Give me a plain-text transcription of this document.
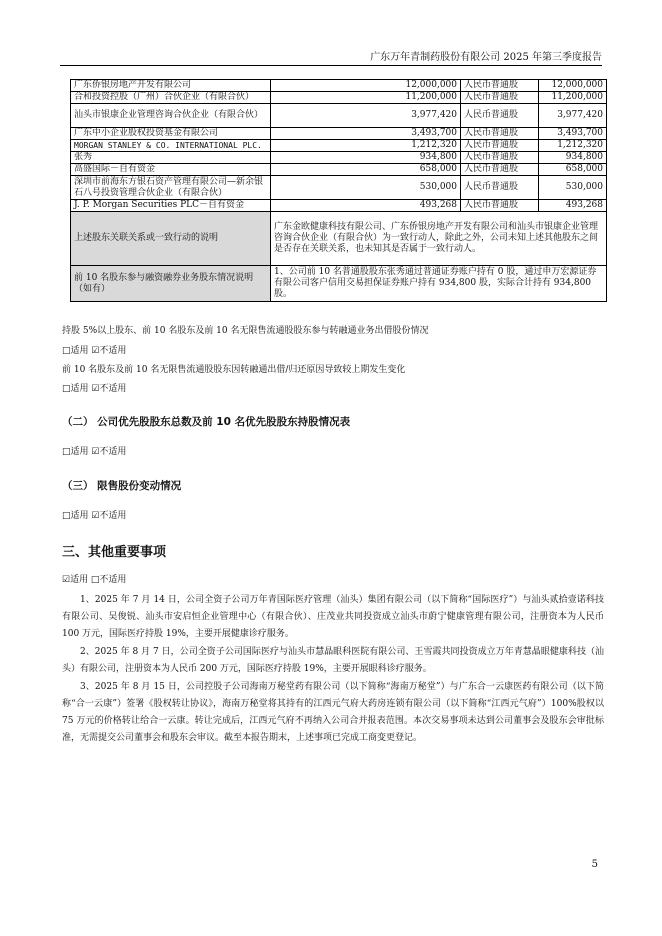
广东万年青制药股份有限公司 2025 年第三季度报告
广东侨银房地产开发有限公司	12,000,000	人民币普通股	12,000,000
合和投资控股（广州）合伙企业（有限合伙）	11,200,000	人民币普通股	11,200,000
汕头市银康企业管理咨询合伙企业（有限合伙）	3,977,420	人民币普通股	3,977,420
广东中小企业股权投资基金有限公司	3,493,700	人民币普通股	3,493,700
MORGAN STANLEY & CO. INTERNATIONAL PLC.	1,212,320	人民币普通股	1,212,320
张秀	934,800	人民币普通股	934,800
高盛国际－自有资金	658,000	人民币普通股	658,000
深圳市前海东方银石资产管理有限公司—新余银石八号投资管理合伙企业（有限合伙）	530,000	人民币普通股	530,000
J. P. Morgan Securities PLC－自有资金	493,268	人民币普通股	493,268
上述股东关联关系或一致行动的说明	广东金欧健康科技有限公司、广东侨银房地产开发有限公司和汕头市银康企业管理咨询合伙企业（有限合伙）为一致行动人，除此之外，公司未知上述其他股东之间是否存在关联关系，也未知其是否属于一致行动人。		
前 10 名股东参与融资融券业务股东情况说明（如有）	1、公司前 10 名普通股股东张秀通过普通证券账户持有 0 股，通过申万宏源证券有限公司客户信用交易担保证券账户持有 934,800 股，实际合计持有 934,800 股。		
持股 5%以上股东、前 10 名股东及前 10 名无限售流通股股东参与转融通业务出借股份情况
□适用 ☑不适用
前 10 名股东及前 10 名无限售流通股股东因转融通出借/归还原因导致较上期发生变化
□适用 ☑不适用
（二） 公司优先股股东总数及前 10 名优先股股东持股情况表
□适用 ☑不适用
（三） 限售股份变动情况
□适用 ☑不适用
三、其他重要事项
☑适用 □不适用
1、2025 年 7 月 14 日，公司全资子公司万年青国际医疗管理（汕头）集团有限公司（以下简称“国际医疗”）与汕头贰拾壹诺科技有限公司、吴俊锐、汕头市安启恒企业管理中心（有限合伙）、庄茂业共同投资成立汕头市蔚宁健康管理有限公司，注册资本为人民币 100 万元，国际医疗持股 19%，主要开展健康诊疗服务。
2、2025 年 8 月 7 日，公司全资子公司国际医疗与汕头市慧晶眼科医院有限公司、王雪霞共同投资成立万年青慧晶眼健康科技（汕头）有限公司，注册资本为人民币 200 万元，国际医疗持股 19%，主要开展眼科诊疗服务。
3、2025 年 8 月 15 日，公司控股子公司海南万秘堂药有限公司（以下简称“海南万秘堂”）与广东合一云康医药有限公司（以下简称“合一云康”）签署《股权转让协议》，海南万秘堂将其持有的江西元气府大药房连锁有限公司（以下简称“江西元气府”）100%股权以 75 万元的价格转让给合一云康。转让完成后，江西元气府不再纳入公司合并报表范围。本次交易事项未达到公司董事会及股东会审批标准，无需提交公司董事会和股东会审议。截至本报告期末，上述事项已完成工商变更登记。
5
